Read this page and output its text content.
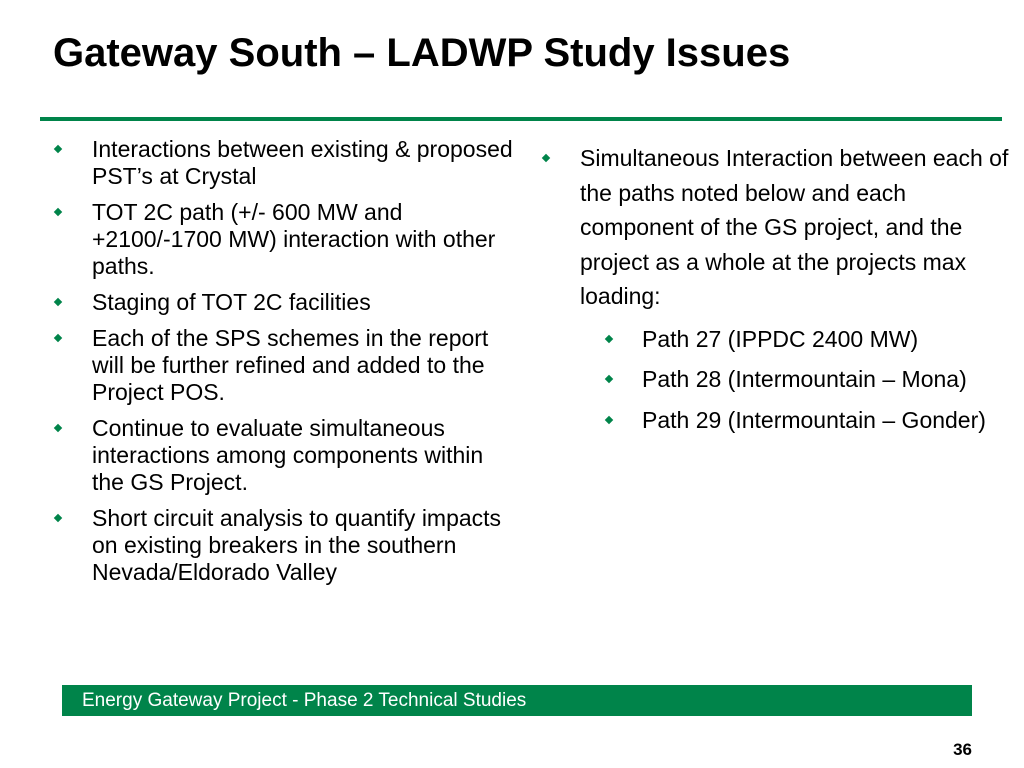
Gateway South – LADWP Study Issues
Interactions between existing & proposed PST’s at Crystal
TOT 2C path (+/- 600 MW and +2100/-1700 MW) interaction with other paths.
Staging of TOT 2C facilities
Each of the SPS schemes in the report will be further refined and added to the Project POS.
Continue to evaluate simultaneous interactions among components within the GS Project.
Short circuit analysis to quantify impacts on existing breakers in the southern Nevada/Eldorado Valley
Simultaneous Interaction between each of the paths noted below and each component of the GS project, and the project as a whole at the projects max loading:
Path 27 (IPPDC 2400 MW)
Path 28 (Intermountain – Mona)
Path 29 (Intermountain – Gonder)
Energy Gateway Project - Phase 2 Technical Studies
36
